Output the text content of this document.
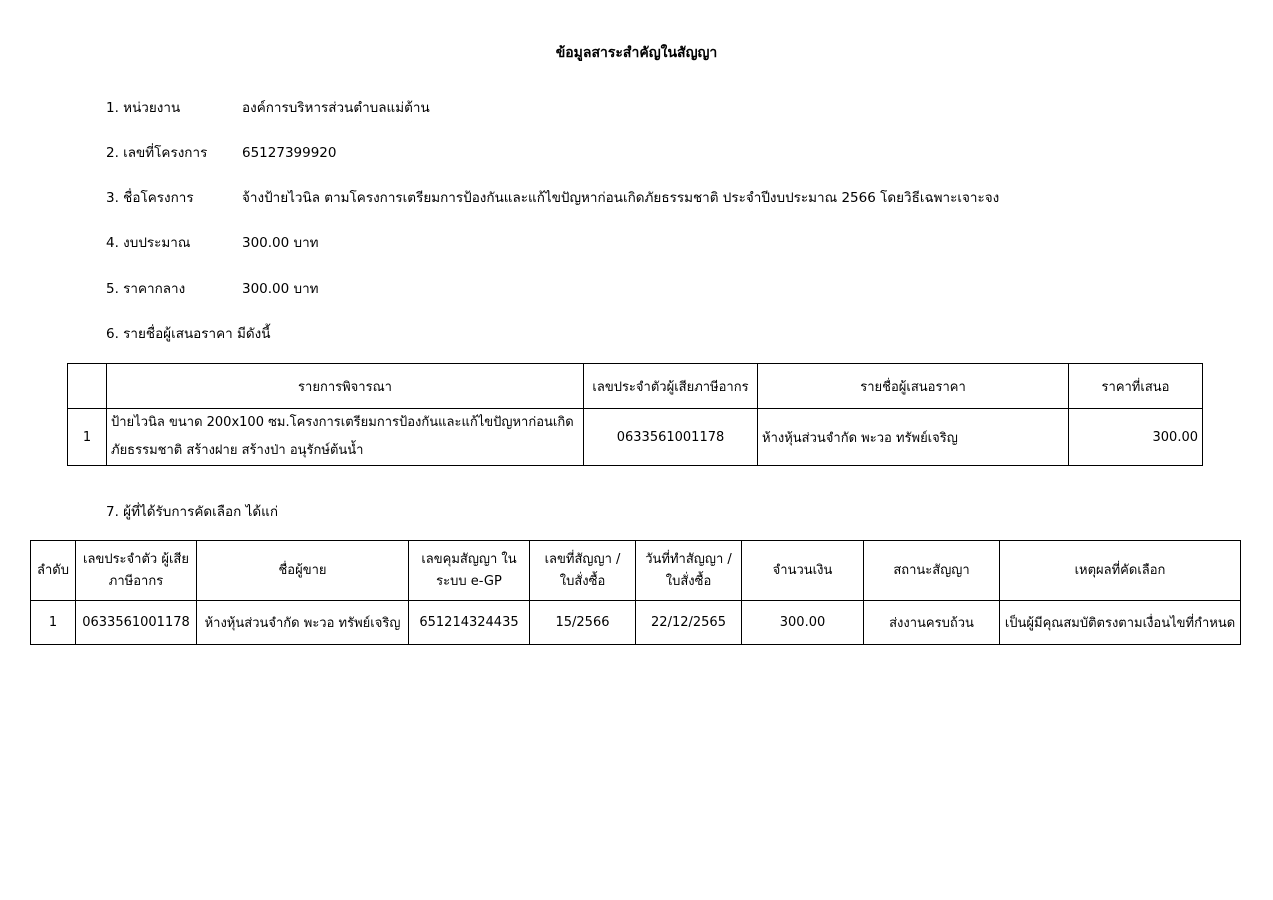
ข้อมูลสาระสำคัญในสัญญา
1. หน่วยงาน	องค์การบริหารส่วนตำบลแม่ต้าน
2. เลขที่โครงการ	65127399920
3. ชื่อโครงการ	จ้างป้ายไวนิล ตามโครงการเตรียมการป้องกันและแก้ไขปัญหาก่อนเกิดภัยธรรมชาติ ประจำปีงบประมาณ 2566 โดยวิธีเฉพาะเจาะจง
4. งบประมาณ	300.00 บาท
5. ราคากลาง	300.00 บาท
6. รายชื่อผู้เสนอราคา มีดังนี้
	รายการพิจารณา	เลขประจำตัวผู้เสียภาษีอากร	รายชื่อผู้เสนอราคา	ราคาที่เสนอ
1	ป้ายไวนิล ขนาด 200x100 ซม.โครงการเตรียมการป้องกันและแก้ไขปัญหาก่อนเกิดภัยธรรมชาติ สร้างฝาย สร้างป่า อนุรักษ์ต้นน้ำ	0633561001178	ห้างหุ้นส่วนจำกัด พะวอ ทรัพย์เจริญ	300.00
7. ผู้ที่ได้รับการคัดเลือก ได้แก่
ลำดับ	เลขประจำตัว ผู้เสียภาษีอากร	ชื่อผู้ขาย	เลขคุมสัญญา ในระบบ e-GP	เลขที่สัญญา / ใบสั่งซื้อ	วันที่ทำสัญญา / ใบสั่งซื้อ	จำนวนเงิน	สถานะสัญญา	เหตุผลที่คัดเลือก
1	0633561001178	ห้างหุ้นส่วนจำกัด พะวอ ทรัพย์เจริญ	651214324435	15/2566	22/12/2565	300.00	ส่งงานครบถ้วน	เป็นผู้มีคุณสมบัติตรงตามเงื่อนไขที่กำหนด
